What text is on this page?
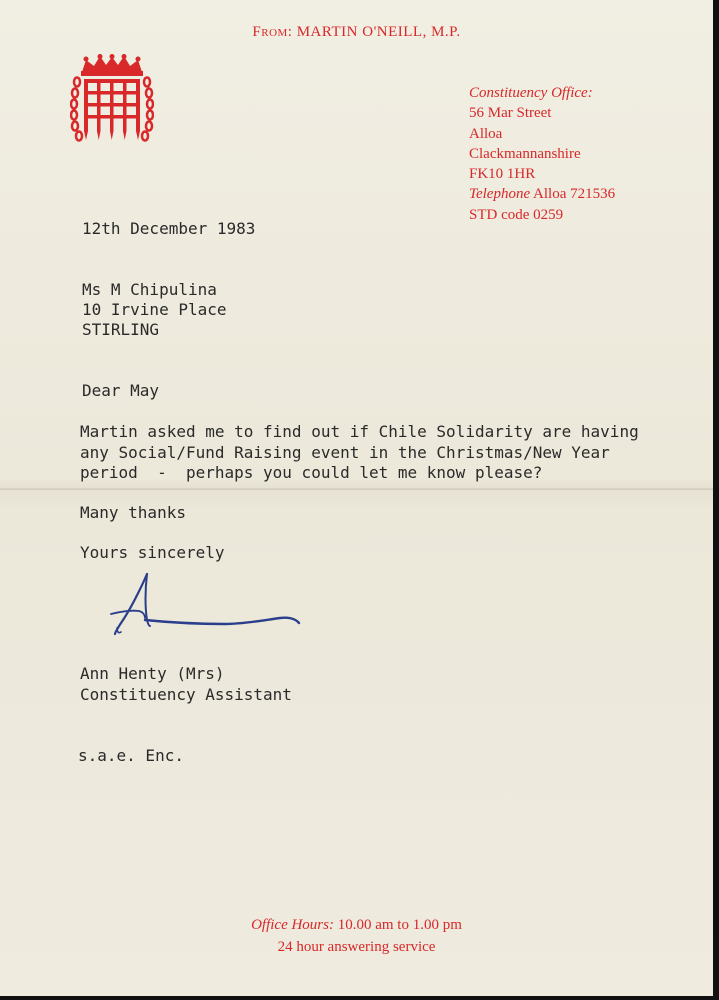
From: MARTIN O'NEILL, M.P.
Constituency Office:
56 Mar Street
Alloa
Clackmannanshire
FK10 1HR
Telephone Alloa 721536
STD code 0259
12th December 1983
Ms M Chipulina
10 Irvine Place
STIRLING
Dear May
Martin asked me to find out if Chile Solidarity are having
any Social/Fund Raising event in the Christmas/New Year
period  -  perhaps you could let me know please?
Many thanks
Yours sincerely
Ann Henty (Mrs)
Constituency Assistant
s.a.e. Enc.
Office Hours: 10.00 am to 1.00 pm
24 hour answering service
